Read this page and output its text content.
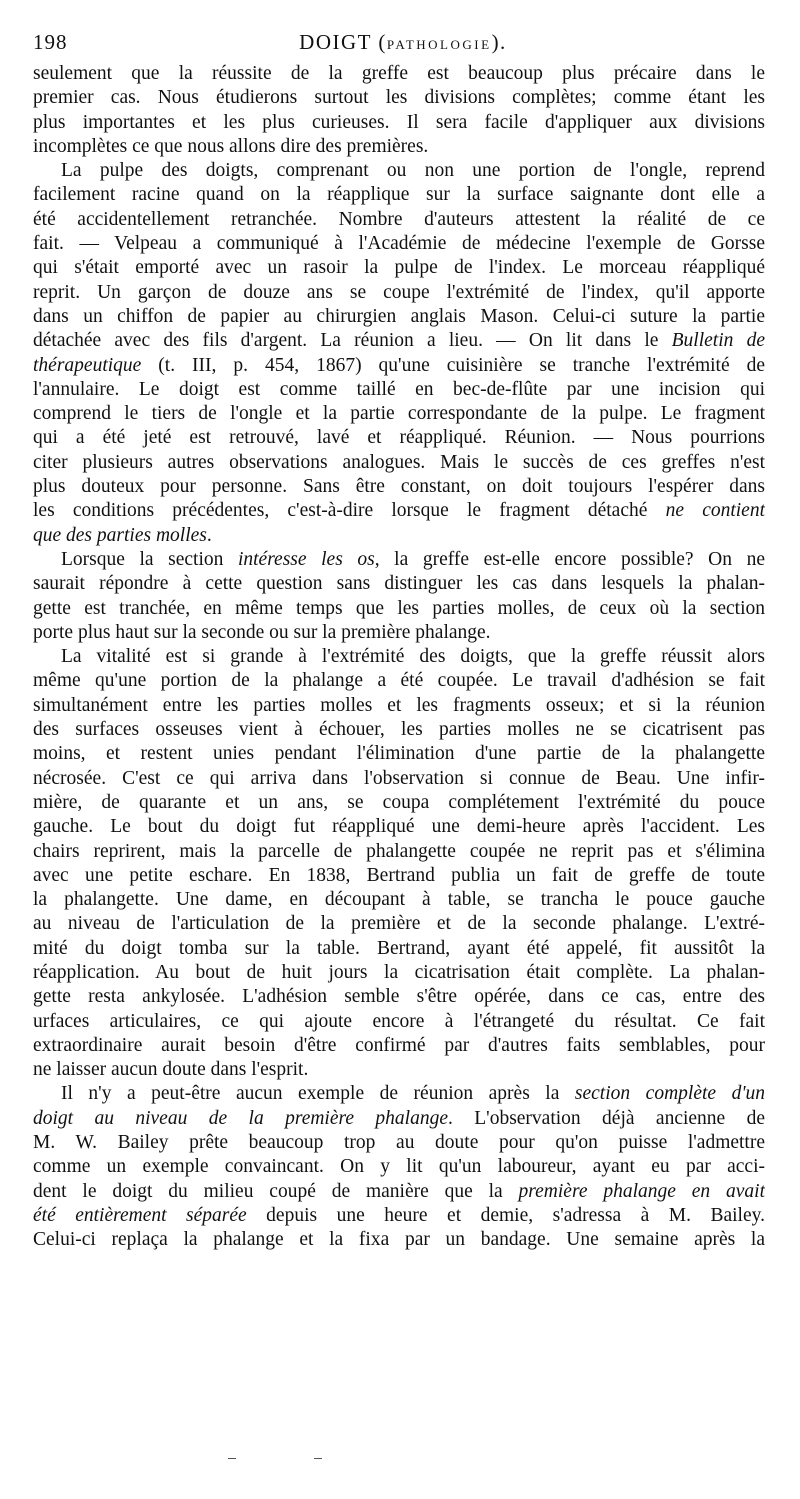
198	DOIGT (PATHOLOGIE).
seulement que la réussite de la greffe est beaucoup plus précaire dans le
premier cas. Nous étudierons surtout les divisions complètes; comme étant les
plus importantes et les plus curieuses. Il sera facile d'appliquer aux divisions
incomplètes ce que nous allons dire des premières.
La pulpe des doigts, comprenant ou non une portion de l'ongle, reprend
facilement racine quand on la réapplique sur la surface saignante dont elle a
été accidentellement retranchée. Nombre d'auteurs attestent la réalité de ce
fait. — Velpeau a communiqué à l'Académie de médecine l'exemple de Gorsse
qui s'était emporté avec un rasoir la pulpe de l'index. Le morceau réappliqué
reprit. Un garçon de douze ans se coupe l'extrémité de l'index, qu'il apporte
dans un chiffon de papier au chirurgien anglais Mason. Celui-ci suture la partie
détachée avec des fils d'argent. La réunion a lieu. — On lit dans le Bulletin de
thérapeutique (t. III, p. 454, 1867) qu'une cuisinière se tranche l'extrémité de
l'annulaire. Le doigt est comme taillé en bec-de-flûte par une incision qui
comprend le tiers de l'ongle et la partie correspondante de la pulpe. Le fragment
qui a été jeté est retrouvé, lavé et réappliqué. Réunion. — Nous pourrions
citer plusieurs autres observations analogues. Mais le succès de ces greffes n'est
plus douteux pour personne. Sans être constant, on doit toujours l'espérer dans
les conditions précédentes, c'est-à-dire lorsque le fragment détaché ne contient
que des parties molles.
Lorsque la section intéresse les os, la greffe est-elle encore possible? On ne
saurait répondre à cette question sans distinguer les cas dans lesquels la phalan-
gette est tranchée, en même temps que les parties molles, de ceux où la section
porte plus haut sur la seconde ou sur la première phalange.
La vitalité est si grande à l'extrémité des doigts, que la greffe réussit alors
même qu'une portion de la phalange a été coupée. Le travail d'adhésion se fait
simultanément entre les parties molles et les fragments osseux; et si la réunion
des surfaces osseuses vient à échouer, les parties molles ne se cicatrisent pas
moins, et restent unies pendant l'élimination d'une partie de la phalangette
nécrosée. C'est ce qui arriva dans l'observation si connue de Beau. Une infir-
mière, de quarante et un ans, se coupa complétement l'extrémité du pouce
gauche. Le bout du doigt fut réappliqué une demi-heure après l'accident. Les
chairs reprirent, mais la parcelle de phalangette coupée ne reprit pas et s'élimina
avec une petite eschare. En 1838, Bertrand publia un fait de greffe de toute
la phalangette. Une dame, en découpant à table, se trancha le pouce gauche
au niveau de l'articulation de la première et de la seconde phalange. L'extré-
mité du doigt tomba sur la table. Bertrand, ayant été appelé, fit aussitôt la
réapplication. Au bout de huit jours la cicatrisation était complète. La phalan-
gette resta ankylosée. L'adhésion semble s'être opérée, dans ce cas, entre des
urfaces articulaires, ce qui ajoute encore à l'étrangeté du résultat. Ce fait
extraordinaire aurait besoin d'être confirmé par d'autres faits semblables, pour
ne laisser aucun doute dans l'esprit.
Il n'y a peut-être aucun exemple de réunion après la section complète d'un
doigt au niveau de la première phalange. L'observation déjà ancienne de
M. W. Bailey prête beaucoup trop au doute pour qu'on puisse l'admettre
comme un exemple convaincant. On y lit qu'un laboureur, ayant eu par acci-
dent le doigt du milieu coupé de manière que la première phalange en avait
été entièrement séparée depuis une heure et demie, s'adressa à M. Bailey.
Celui-ci replaça la phalange et la fixa par un bandage. Une semaine après la
